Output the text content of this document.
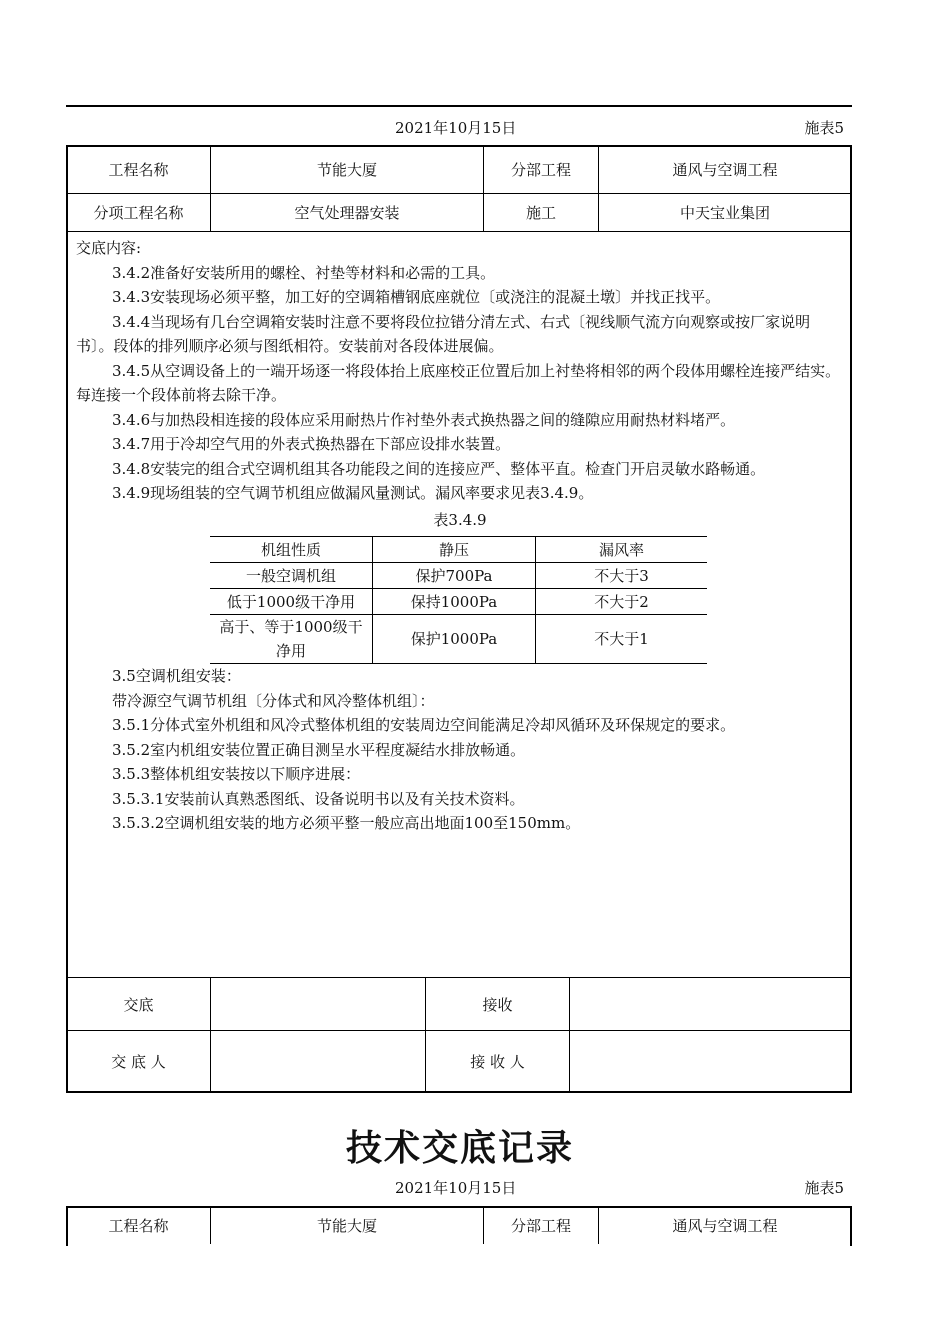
2021年10月15日	施表5
工程名称	节能大厦	分部工程	通风与空调工程
分项工程名称	空气处理器安装	施工	中天宝业集团

交底内容:

3.4.2准备好安装所用的螺栓、衬垫等材料和必需的工具。

3.4.3安装现场必须平整，加工好的空调箱槽钢底座就位〔或浇注的混凝土墩〕并找正找平。

3.4.4当现场有几台空调箱安装时注意不要将段位拉错分清左式、右式〔视线顺气流方向观察或按厂家说明书〕。段体的排列顺序必须与图纸相符。安装前对各段体进展偏。

3.4.5从空调设备上的一端开场逐一将段体抬上底座校正位置后加上衬垫将相邻的两个段体用螺栓连接严结实。每连接一个段体前将去除干净。

3.4.6与加热段相连接的段体应采用耐热片作衬垫外表式换热器之间的缝隙应用耐热材料堵严。

3.4.7用于冷却空气用的外表式换热器在下部应设排水装置。

3.4.8安装完的组合式空调机组其各功能段之间的连接应严、整体平直。检查门开启灵敏水路畅通。

3.4.9现场组装的空气调节机组应做漏风量测试。漏风率要求见表3.4.9。

表3.4.9

机组性质	静压	漏风率
一般空调机组	保护700Pa	不大于3
低于1000级干净用	保持1000Pa	不大于2
高于、等于1000级干净用	保护1000Pa	不大于1

3.5空调机组安装：

带冷源空气调节机组〔分体式和风冷整体机组〕：

3.5.1分体式室外机组和风冷式整体机组的安装周边空间能满足冷却风循环及环保规定的要求。

3.5.2室内机组安装位置正确目测呈水平程度凝结水排放畅通。

3.5.3整体机组安装按以下顺序进展：

3.5.3.1安装前认真熟悉图纸、设备说明书以及有关技术资料。

3.5.3.2空调机组安装的地方必须平整一般应高出地面100至150mm。

交底	接收
交 底 人	接 收 人
技术交底记录
2021年10月15日	施表5
工程名称	节能大厦	分部工程	通风与空调工程
